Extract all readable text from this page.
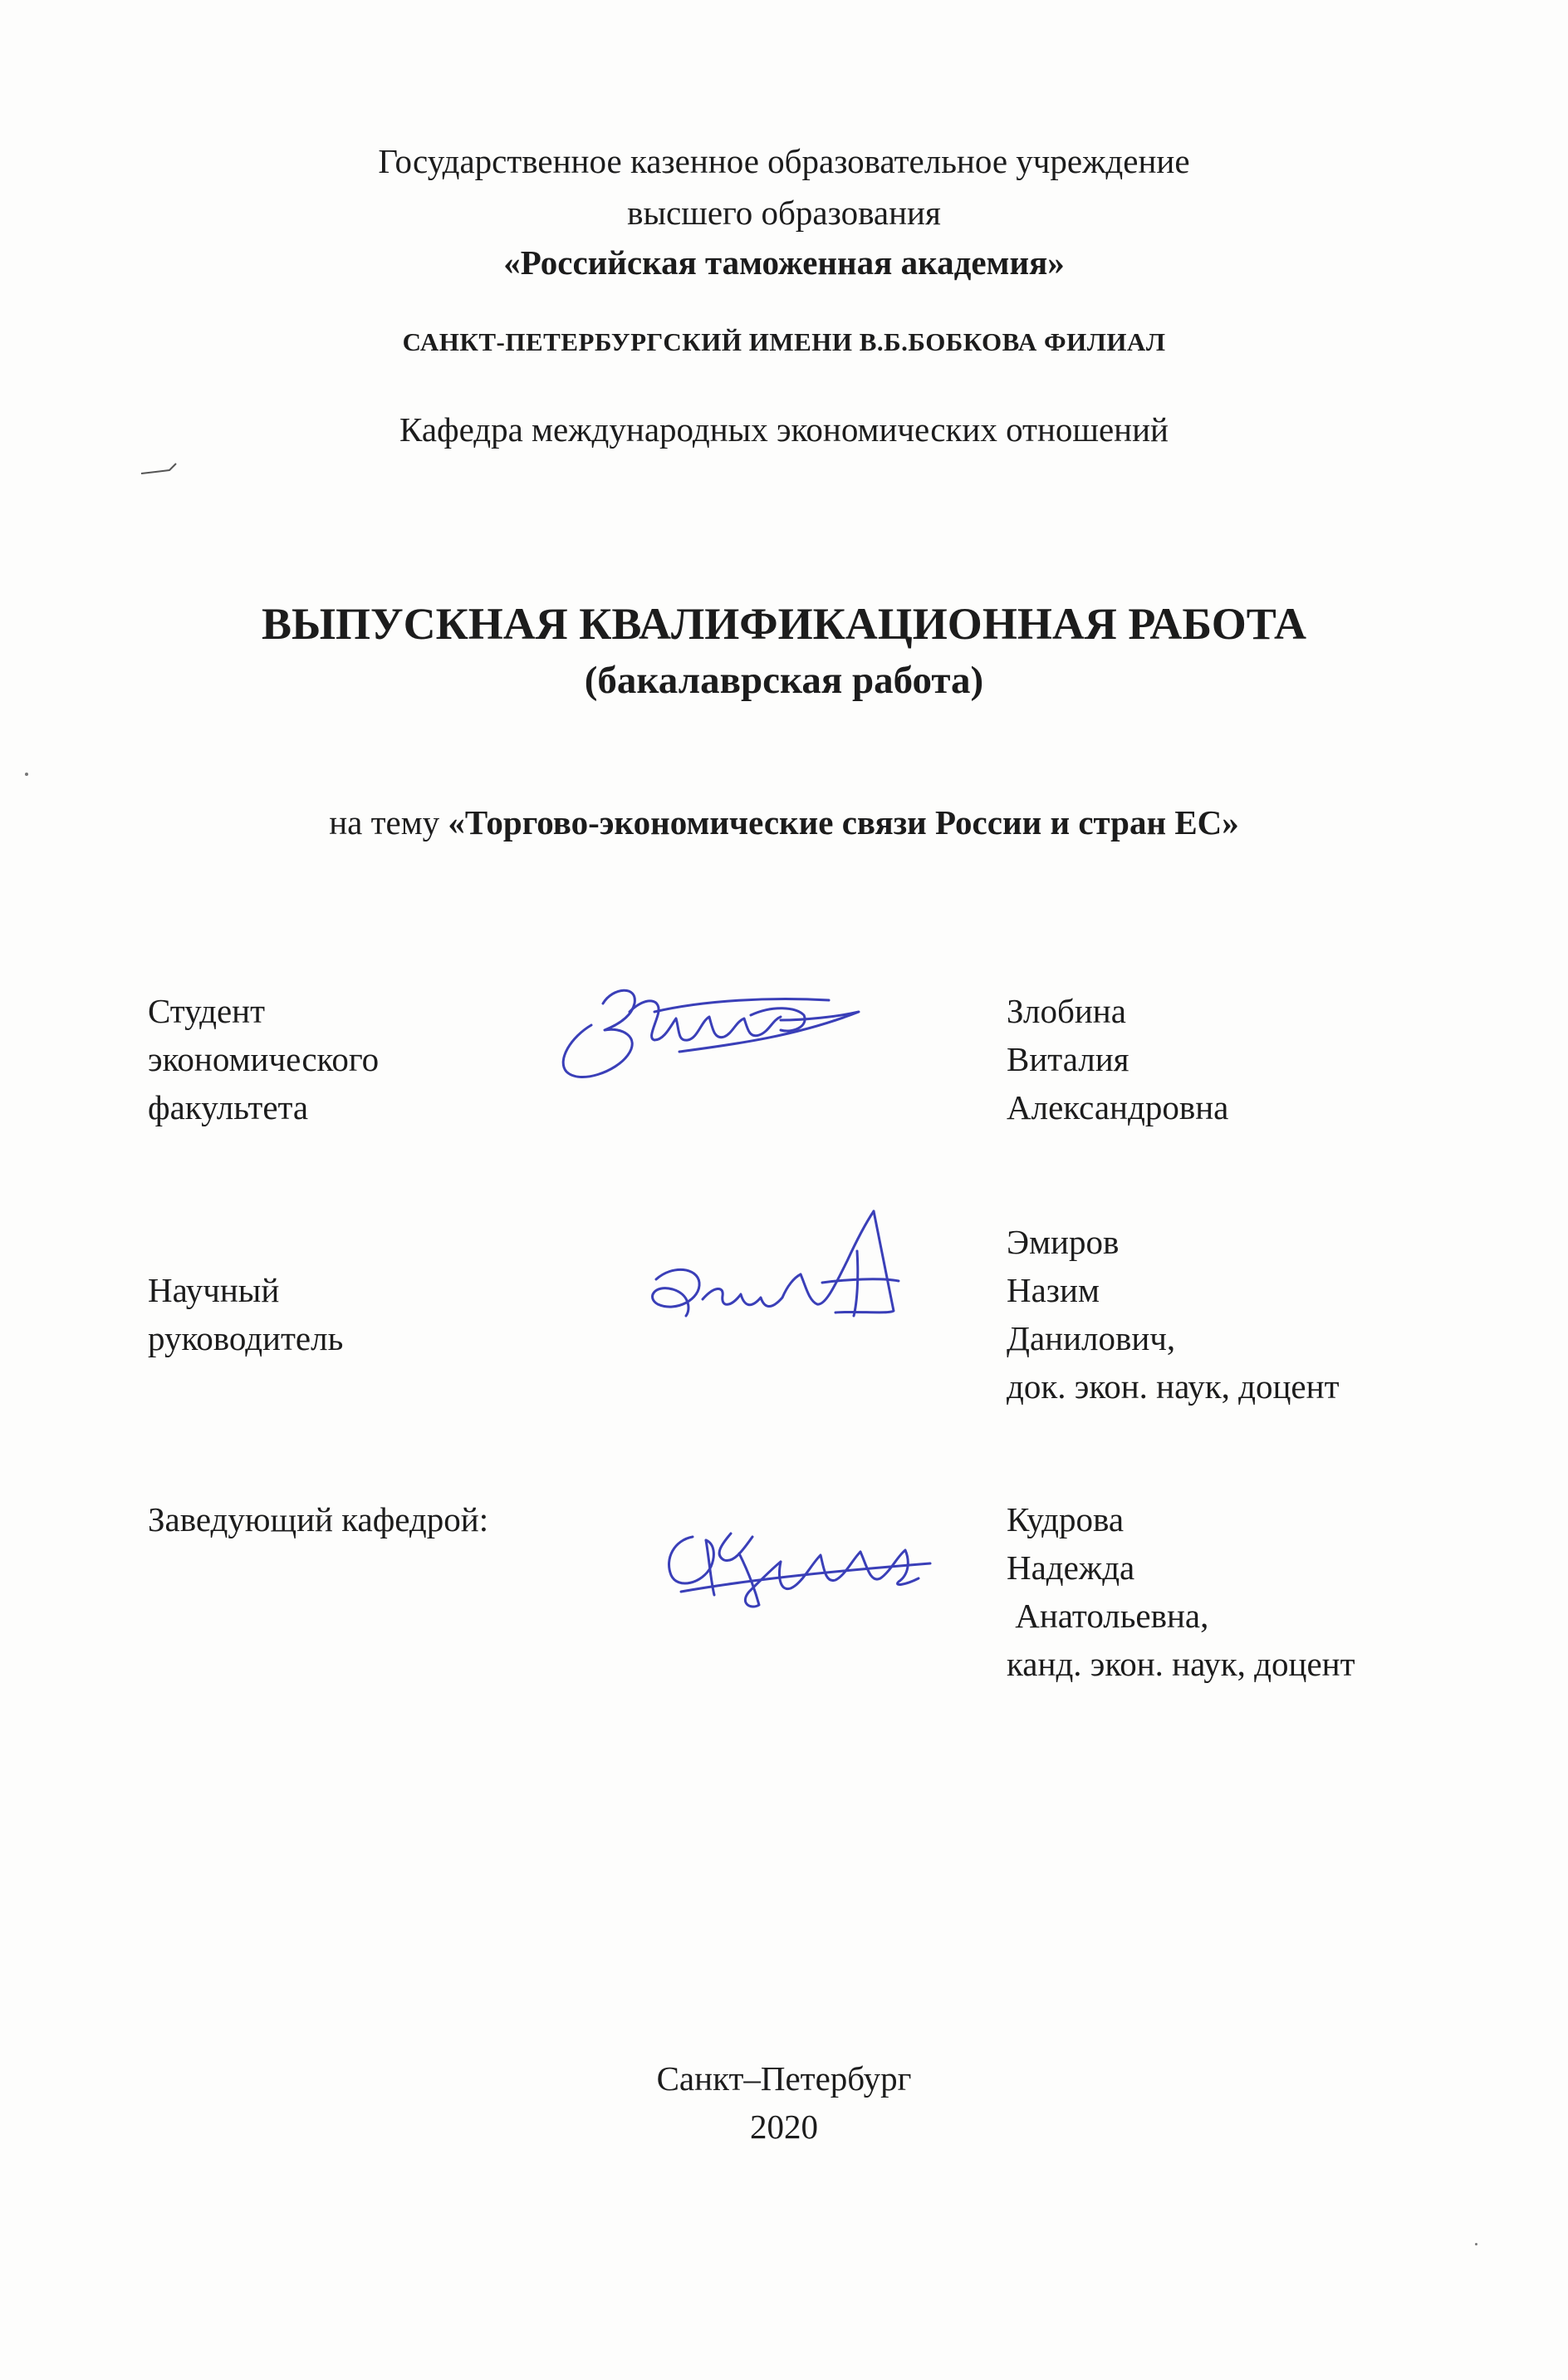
Государственное казенное образовательное учреждение
высшего образования
«Российская таможенная академия»
САНКТ-ПЕТЕРБУРГСКИЙ ИМЕНИ В.Б.БОБКОВА ФИЛИАЛ
Кафедра международных экономических отношений
ВЫПУСКНАЯ КВАЛИФИКАЦИОННАЯ РАБОТА
(бакалаврская работа)
на тему «Торгово-экономические связи России и стран ЕС»
Студент
экономического
факультета
Злобина
Виталия
Александровна
Научный
руководитель
Эмиров
Назим
Данилович,
док. экон. наук, доцент
Заведующий кафедрой:	Кудрова
Надежда
Анатольевна,
канд. экон. наук, доцент
Санкт–Петербург
2020
